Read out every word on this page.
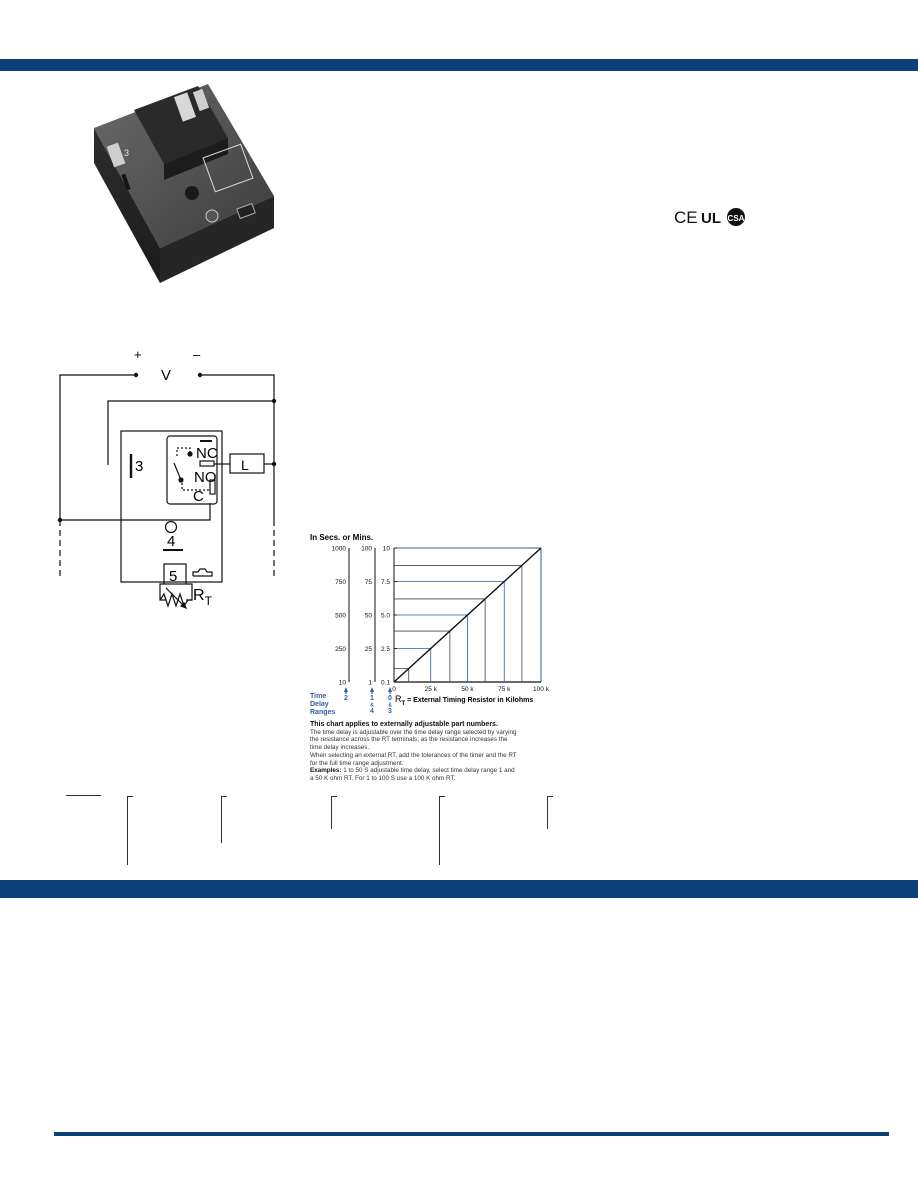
3
CE UL CSA
+	–
V
3
NC
NO
C
L
4
5
$R_T$
In Secs. or Mins.
1000
750
500
250
10
100
75
50
25
1
10
7.5
5.0
2.5
0.1
0	25 k	50 k	75 k	100 k
2	1
&
4
0
&
3
Time
Delay
Ranges
RT = External Timing Resistor in Kilohms
This chart applies to externally adjustable part numbers.
The time delay is adjustable over the time delay range selected by varying
the resistance across the RT terminals; as the resistance increases the
time delay increases.
When selecting an external RT, add the tolerances of the timer and the RT
for the full time range adjustment.
Examples: 1 to 50 S adjustable time delay, select time delay range 1 and
a 50 K ohm RT. For 1 to 100 S use a 100 K ohm RT.
